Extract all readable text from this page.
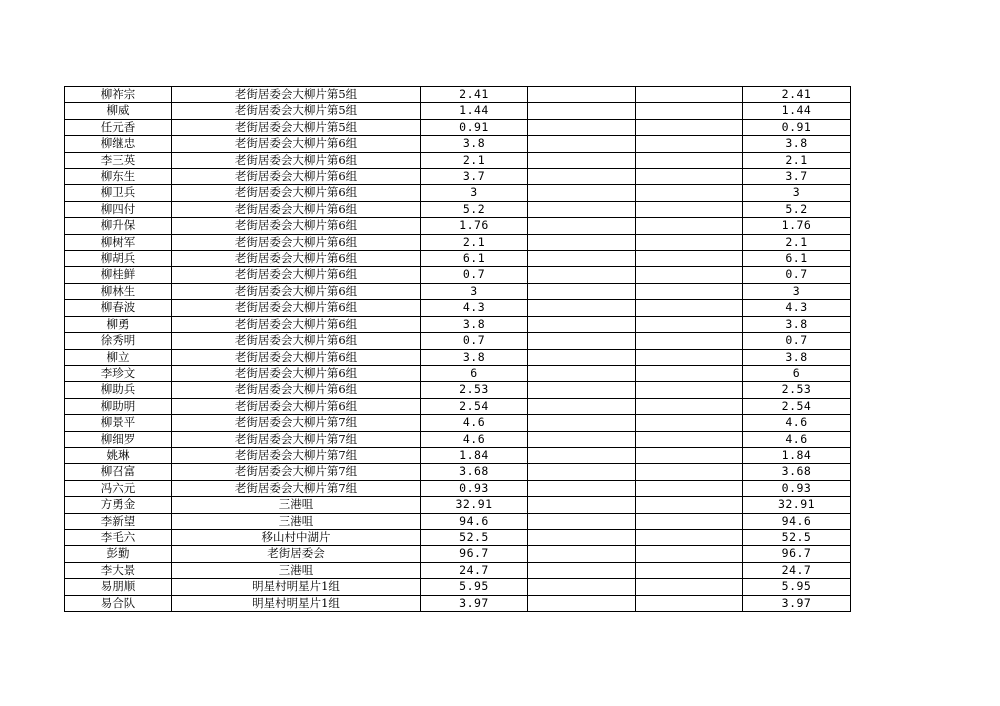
柳祚宗	老街居委会大柳片第5组	2.41			2.41
柳威	老街居委会大柳片第5组	1.44			1.44
任元香	老街居委会大柳片第5组	0.91			0.91
柳继忠	老街居委会大柳片第6组	3.8			3.8
李三英	老街居委会大柳片第6组	2.1			2.1
柳东生	老街居委会大柳片第6组	3.7			3.7
柳卫兵	老街居委会大柳片第6组	3			3
柳四付	老街居委会大柳片第6组	5.2			5.2
柳升保	老街居委会大柳片第6组	1.76			1.76
柳树军	老街居委会大柳片第6组	2.1			2.1
柳胡兵	老街居委会大柳片第6组	6.1			6.1
柳桂鲜	老街居委会大柳片第6组	0.7			0.7
柳林生	老街居委会大柳片第6组	3			3
柳春波	老街居委会大柳片第6组	4.3			4.3
柳勇	老街居委会大柳片第6组	3.8			3.8
徐秀明	老街居委会大柳片第6组	0.7			0.7
柳立	老街居委会大柳片第6组	3.8			3.8
李珍文	老街居委会大柳片第6组	6			6
柳助兵	老街居委会大柳片第6组	2.53			2.53
柳助明	老街居委会大柳片第6组	2.54			2.54
柳景平	老街居委会大柳片第7组	4.6			4.6
柳细罗	老街居委会大柳片第7组	4.6			4.6
姚琳	老街居委会大柳片第7组	1.84			1.84
柳召富	老街居委会大柳片第7组	3.68			3.68
冯六元	老街居委会大柳片第7组	0.93			0.93
方勇金	三港咀	32.91			32.91
李新望	三港咀	94.6			94.6
李毛六	移山村中湖片	52.5			52.5
彭勤	老街居委会	96.7			96.7
李大景	三港咀	24.7			24.7
易朋顺	明星村明星片1组	5.95			5.95
易合队	明星村明星片1组	3.97			3.97
